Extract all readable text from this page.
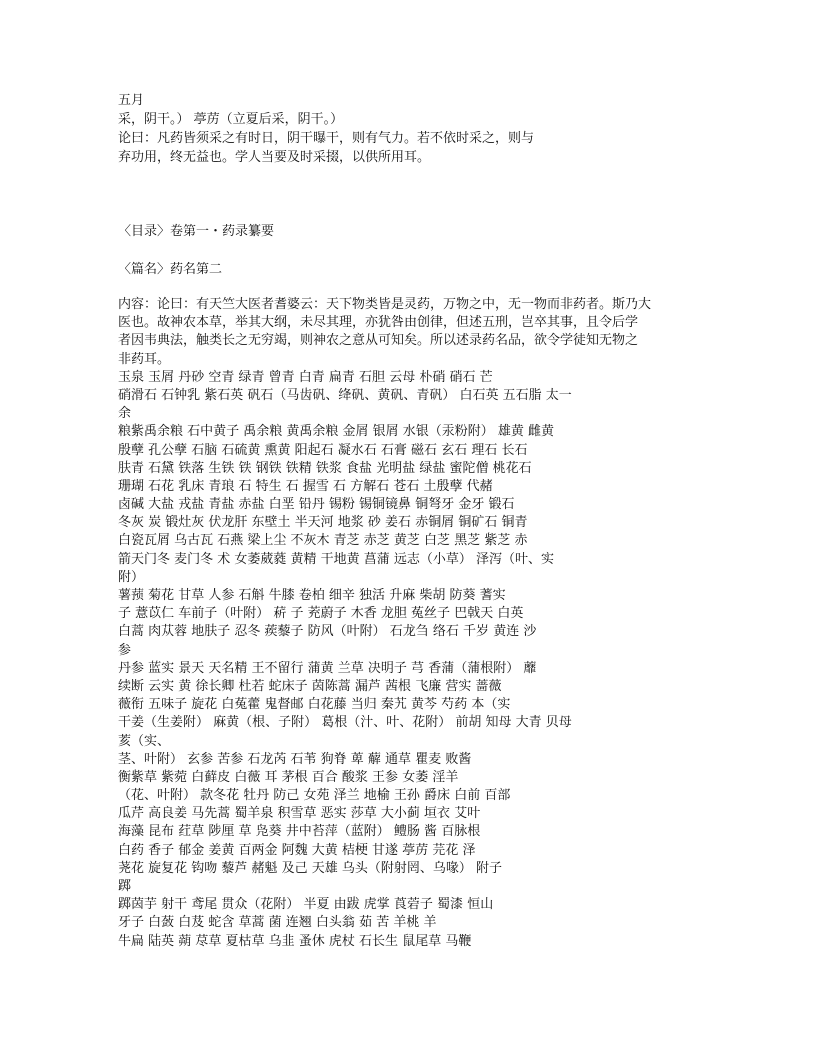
五月
采，阴干。） 葶苈（立夏后采，阴干。）
论曰：凡药皆须采之有时日，阴干曝干，则有气力。若不依时采之，则与
弃功用，终无益也。学人当要及时采掇，以供所用耳。
〈目录〉卷第一・药录纂要
〈篇名〉药名第二
内容：论曰：有天竺大医者耆婆云：天下物类皆是灵药，万物之中，无一物而非药者。斯乃大
医也。故神农本草，举其大纲，未尽其理，亦犹咎由创律，但述五刑，岂卒其事，且令后学
者因韦典法，触类长之无穷竭，则神农之意从可知矣。所以述录药名品，欲令学徒知无物之
非药耳。
玉泉 玉屑 丹砂 空青 绿青 曾青 白青 扁青 石胆 云母 朴硝 硝石 芒
硝滑石 石钟乳 紫石英 矾石（马齿矾、绛矾、黄矾、青矾） 白石英 五石脂 太一
余
粮紫禹余粮 石中黄子 禹余粮 黄禹余粮 金屑 银屑 水银（汞粉附） 雄黄 雌黄
殷孽 孔公孽 石脑 石硫黄 熏黄 阳起石 凝水石 石膏 磁石 玄石 理石 长石
肤青 石黛 铁落 生铁 铁 钢铁 铁精 铁浆 食盐 光明盐 绿盐 蜜陀僧 桃花石
珊瑚 石花 乳床 青琅 石 特生 石 握雪 石 方解石 苍石 土殷孽 代赭
卤碱 大盐 戎盐 青盐 赤盐 白垩 铅丹 锡粉 锡铜镜鼻 铜弩牙 金牙 锻石
冬灰 炭 锻灶灰 伏龙肝 东壁土 半天河 地浆 砂 姜石 赤铜屑 铜矿石 铜青
白瓷瓦屑 乌古瓦 石燕 梁上尘 不灰木 青芝 赤芝 黄芝 白芝 黑芝 紫芝 赤
箭天门冬 麦门冬 术 女萎葳蕤 黄精 干地黄 菖蒲 远志（小草） 泽泻（叶、实
附）
薯蓣 菊花 甘草 人参 石斛 牛膝 卷柏 细辛 独活 升麻 柴胡 防葵 蓍实
子 薏苡仁 车前子（叶附） 菥 子 茺蔚子 木香 龙胆 菟丝子 巴戟天 白英
白蒿 肉苁蓉 地肤子 忍冬 蒺藜子 防风（叶附） 石龙刍 络石 千岁 黄连 沙
参
丹参 蓝实 景天 天名精 王不留行 蒲黄 兰草 决明子 芎 香蒲（蒲根附） 蘼
续断 云实 黄 徐长卿 杜若 蛇床子 茵陈蒿 漏芦 茜根 飞廉 营实 蔷薇
薇衔 五味子 旋花 白菟藿 鬼督邮 白花藤 当归 秦艽 黄芩 芍药 本（实
干姜（生姜附） 麻黄（根、子附） 葛根（汁、叶、花附） 前胡 知母 大青 贝母
荄（实、
茎、叶附） 玄参 苦参 石龙芮 石苇 狗脊 萆 薢 通草 瞿麦 败酱
衡紫草 紫菀 白藓皮 白薇 耳 茅根 百合 酸浆 王参 女萎 淫羊
（花、叶附） 款冬花 牡丹 防己 女苑 泽兰 地榆 王孙 爵床 白前 百部
瓜芹 高良姜 马先蒿 蜀羊泉 积雪草 恶实 莎草 大小蓟 垣衣 艾叶
海藻 昆布 荭草 陟厘 草 凫葵 井中苔萍（蓝附） 鳢肠 酱 百脉根
白药 香子 郁金 姜黄 百两金 阿魏 大黄 桔梗 甘遂 葶苈 芫花 泽
荛花 旋复花 钩吻 藜芦 赭魁 及己 天雄 乌头（附射罔、乌喙） 附子
踯
踯茵芋 射干 鸢尾 贯众（花附） 半夏 由跋 虎掌 莨菪子 蜀漆 恒山
牙子 白蔹 白芨 蛇含 草蒿 菌 连翘 白头翁 茹 苦 羊桃 羊
牛扁 陆英 蒴 荩草 夏枯草 乌韭 蚤休 虎杖 石长生 鼠尾草 马鞭
